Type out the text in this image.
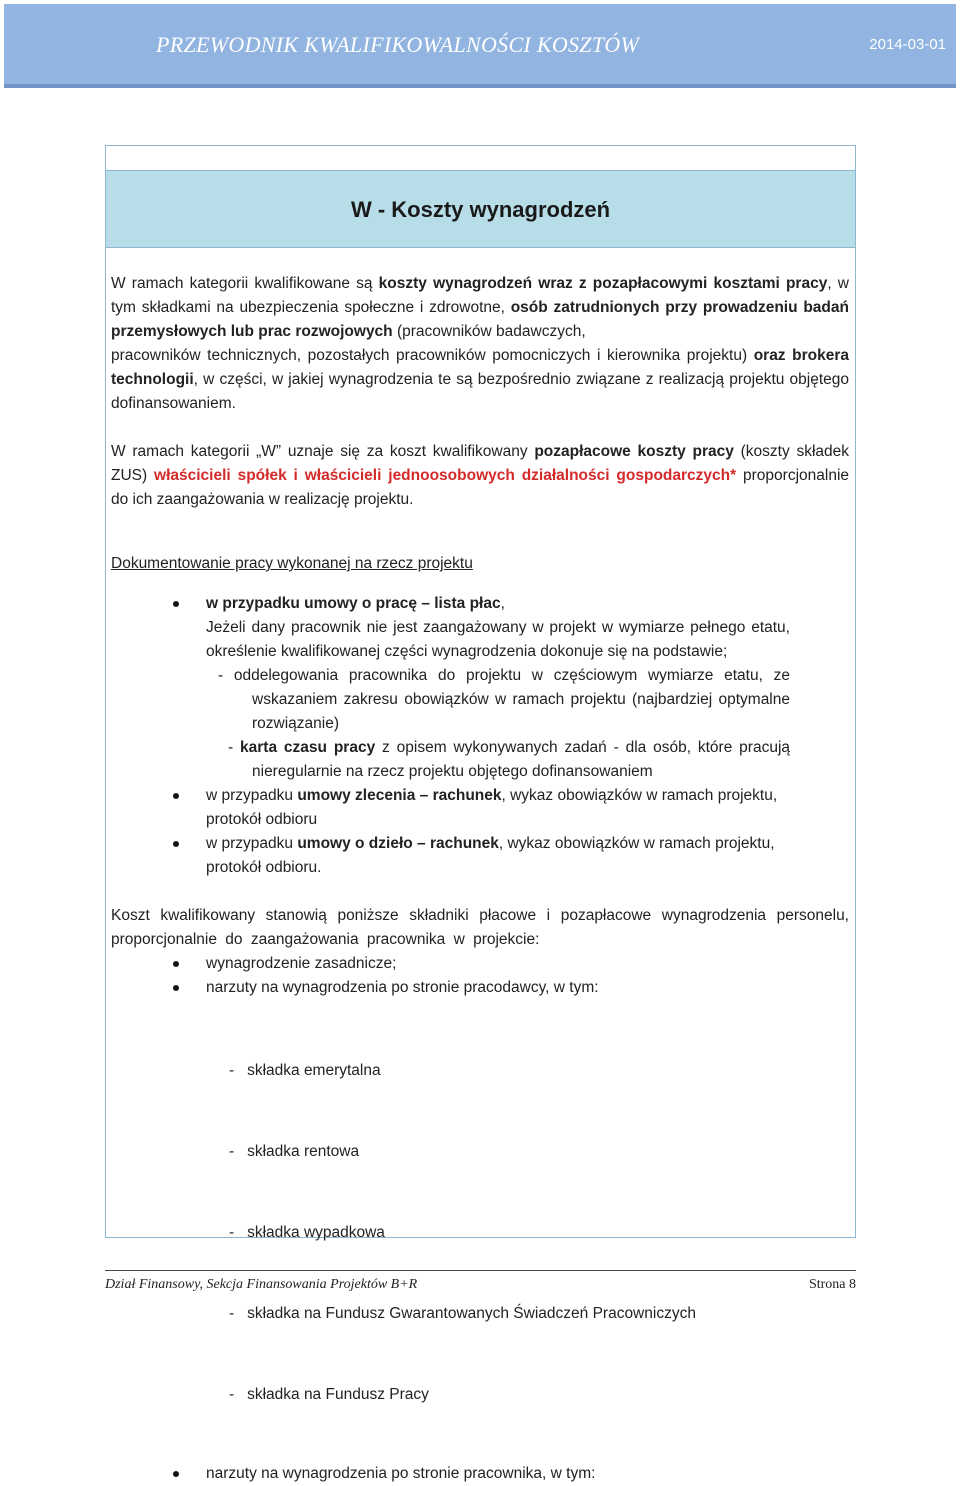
PRZEWODNIK KWALIFIKOWALNOŚCI KOSZTÓW	2014-03-01
W - Koszty wynagrodzeń

W ramach kategorii kwalifikowane są koszty wynagrodzeń wraz z pozapłacowymi kosztami pracy, w tym składkami na ubezpieczenia społeczne i zdrowotne, osób zatrudnionych przy prowadzeniu badań przemysłowych lub prac rozwojowych (pracowników badawczych,

pracowników technicznych, pozostałych pracowników pomocniczych i kierownika projektu) oraz brokera technologii, w części, w jakiej wynagrodzenia te są bezpośrednio związane z realizacją projektu objętego dofinansowaniem.

W ramach kategorii „W” uznaje się za koszt kwalifikowany pozapłacowe koszty pracy (koszty składek ZUS) właścicieli spółek i właścicieli jednoosobowych działalności gospodarczych* proporcjonalnie do ich zaangażowania w realizację projektu.

Dokumentowanie pracy wykonanej na rzecz projektu

w przypadku umowy o pracę – lista płac,
Jeżeli dany pracownik nie jest zaangażowany w projekt w wymiarze pełnego etatu, określenie kwalifikowanej części wynagrodzenia dokonuje się na podstawie;
- oddelegowania pracownika do projektu w częściowym wymiarze etatu, ze wskazaniem zakresu obowiązków w ramach projektu (najbardziej optymalne rozwiązanie)
- karta czasu pracy z opisem wykonywanych zadań - dla osób, które pracują nieregularnie na rzecz projektu objętego dofinansowaniem
w przypadku umowy zlecenia – rachunek, wykaz obowiązków w ramach projektu, protokół odbioru
w przypadku umowy o dzieło – rachunek, wykaz obowiązków w ramach projektu, protokół odbioru.

Koszt kwalifikowany stanowią poniższe składniki płacowe i pozapłacowe wynagrodzenia personelu, proporcjonalnie do zaangażowania pracownika w projekcie:

wynagrodzenie zasadnicze;
narzuty na wynagrodzenia po stronie pracodawcy, w tym:

-   składka emerytalna

-   składka rentowa

-   składka wypadkowa

-   składka na Fundusz Gwarantowanych Świadczeń Pracowniczych

-   składka na Fundusz Pracy

narzuty na wynagrodzenia po stronie pracownika, w tym:
Dział Finansowy, Sekcja Finansowania Projektów B+R	Strona 8
